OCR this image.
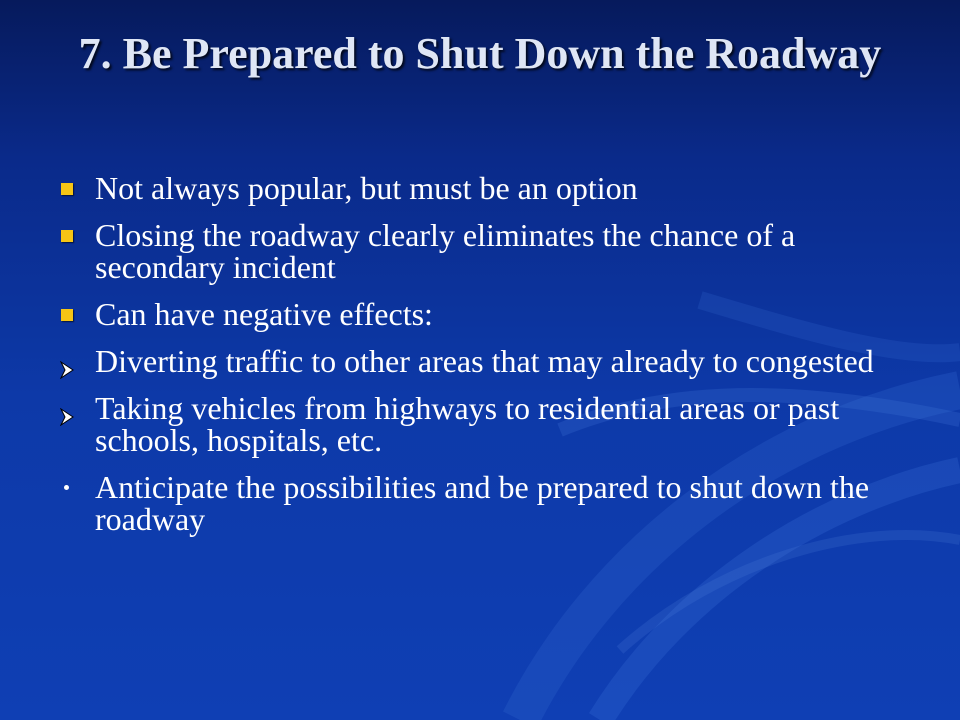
7. Be Prepared to Shut Down the Roadway
Not always popular, but must be an option
Closing the roadway clearly eliminates the chance of a secondary incident
Can have negative effects:
Diverting traffic to other areas that may already to congested
Taking vehicles from highways to residential areas or past schools, hospitals, etc.
Anticipate the possibilities and be prepared to shut down the roadway
